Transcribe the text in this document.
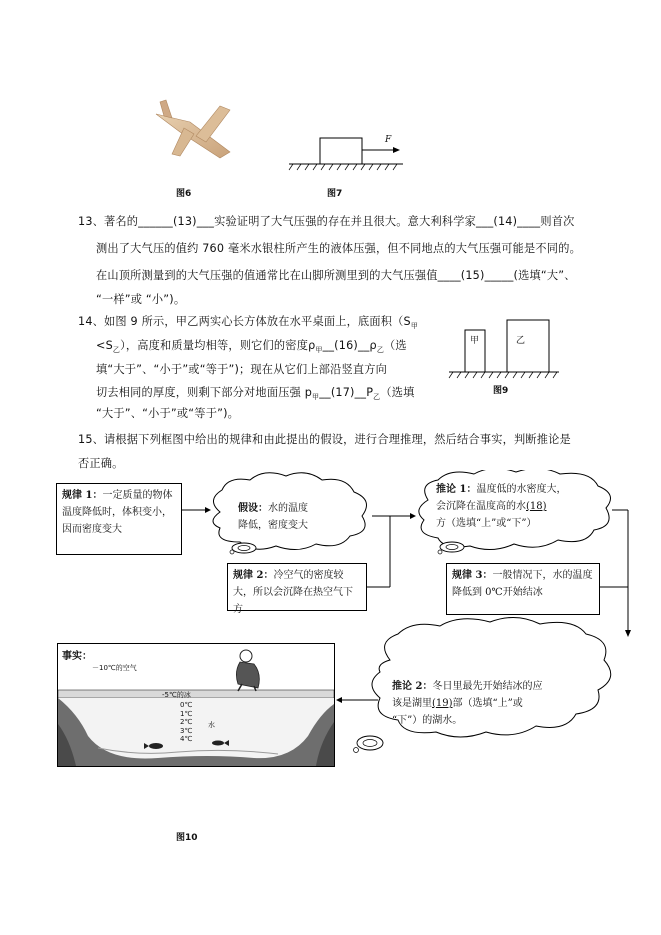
图6
F
图7
13、著名的______(13)___实验证明了大气压强的存在并且很大。意大利科学家___(14)____则首次
测出了大气压的值约 760 毫米水银柱所产生的液体压强，但不同地点的大气压强可能是不同的。
在山顶所测量到的大气压强的值通常比在山脚所测里到的大气压强值____(15)_____(选填“大”、
“一样”或 “小”)。
14、如图 9 所示，甲乙两实心长方体放在水平桌面上，底面积（$S_甲$
$<S_乙$），高度和质量均相等，则它们的密度$\rho_甲\_\_(16)\_\_\rho_乙$（选
填“大于”、“小于”或“等于”)；现在从它们上部沿竖直方向
切去相同的厚度，则剩下部分对地面压强 $p_甲\_\_(17)\_\_P_乙$（选填
“大于”、“小于”或“等于”)。
甲	乙
图9
15、请根据下列框图中给出的规律和由此提出的假设，进行合理推理，然后结合事实，判断推论是
否正确。
规律 1：一定质量的物体温度降低时，体积变小，因而密度变大
假设：水的温度
降低，密度变大
推论 1：温度低的水密度大，
会沉降在温度高的水(18)
方（选填“上”或“下”）
规律 2：冷空气的密度较大，所以会沉降在热空气下方
规律 3：一般情况下，水的温度降低到 0℃开始结冰
事实：
－10℃的空气
-5℃的冰
0℃
1℃
2℃
3℃
4℃
水
推论 2：冬日里最先开始结冰的应
该是湖里(19)部（选填“上”或
“下”）的湖水。
图10
